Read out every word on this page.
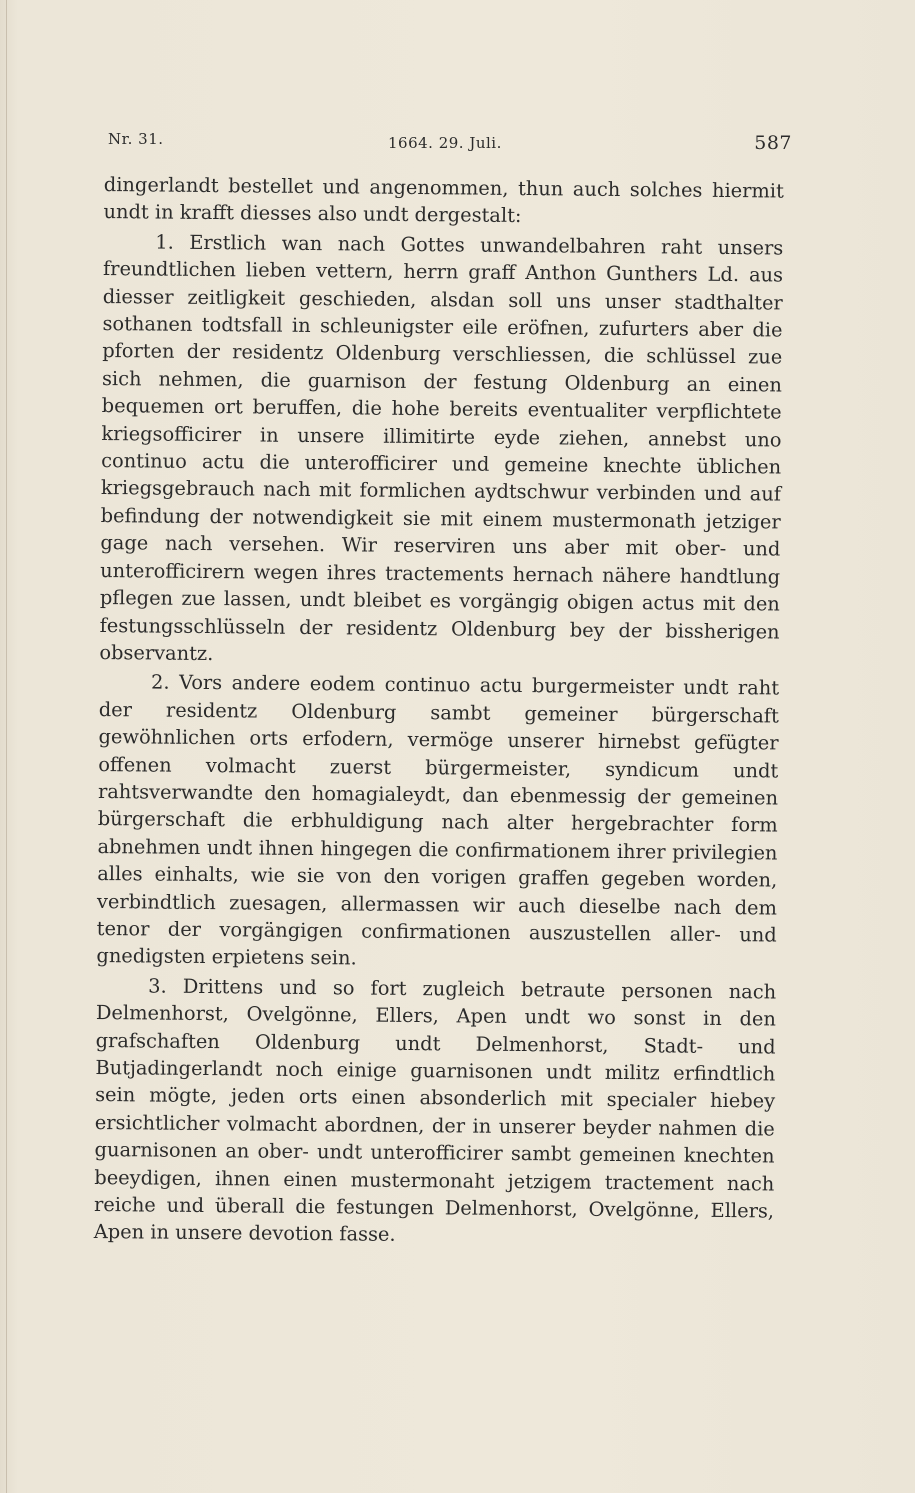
Nr. 31.	1664. 29. Juli.	587

dingerlandt bestellet und angenommen, thun auch solches hiermit undt in krafft diesses also undt dergestalt:

1. Erstlich wan nach Gottes unwandelbahren raht unsers freundtlichen lieben vettern, herrn graff Anthon Gunthers Ld. aus diesser zeitligkeit geschieden, alsdan soll uns unser stadthalter sothanen todtsfall in schleunigster eile eröfnen, zufurters aber die pforten der residentz Oldenburg verschliessen, die schlüssel zue sich nehmen, die guarnison der festung Oldenburg an einen bequemen ort beruffen, die hohe bereits eventualiter verpflichtete kriegsofficirer in unsere illimitirte eyde ziehen, annebst uno continuo actu die unterofficirer und gemeine knechte üblichen kriegsgebrauch nach mit formlichen aydtschwur verbinden und auf befindung der notwendigkeit sie mit einem mustermonath jetziger gage nach versehen. Wir reserviren uns aber mit ober- und unterofficirern wegen ihres tractements hernach nähere handtlung pflegen zue lassen, undt bleibet es vorgängig obigen actus mit den festungsschlüsseln der residentz Oldenburg bey der bissherigen observantz.

2. Vors andere eodem continuo actu burgermeister undt raht der residentz Oldenburg sambt gemeiner bürgerschaft gewöhnlichen orts erfodern, vermöge unserer hirnebst gefügter offenen volmacht zuerst bürgermeister, syndicum undt rahtsverwandte den homagialeydt, dan ebenmessig der gemeinen bürgerschaft die erbhuldigung nach alter hergebrachter form abnehmen undt ihnen hingegen die confirmationem ihrer privilegien alles einhalts, wie sie von den vorigen graffen gegeben worden, verbindtlich zuesagen, allermassen wir auch dieselbe nach dem tenor der vorgängigen confirmationen auszustellen aller- und gnedigsten erpietens sein.

3. Drittens und so fort zugleich betraute personen nach Delmenhorst, Ovelgönne, Ellers, Apen undt wo sonst in den grafschaften Oldenburg undt Delmenhorst, Stadt- und Butjadingerlandt noch einige guarnisonen undt militz erfindtlich sein mögte, jeden orts einen absonderlich mit specialer hiebey ersichtlicher volmacht abordnen, der in unserer beyder nahmen die guarnisonen an ober- undt unterofficirer sambt gemeinen knechten beeydigen, ihnen einen mustermonaht jetzigem tractement nach reiche und überall die festungen Delmenhorst, Ovelgönne, Ellers, Apen in unsere devotion fasse.
